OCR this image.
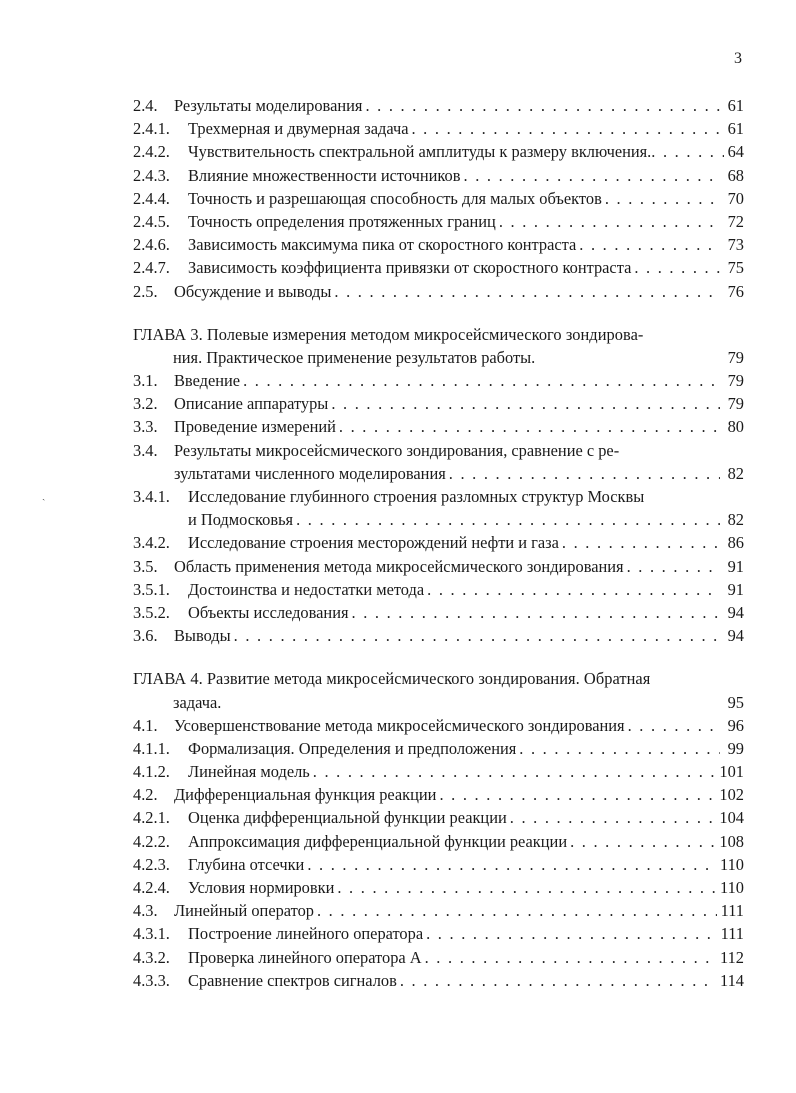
3
ˏ
2.4.	Результаты моделирования . . .	61
2.4.1.	Трехмерная и двумерная задача . . .	61
2.4.2.	Чувствительность спектральной амплитуды к размеру включения. . . .	64
2.4.3.	Влияние множественности источников . . .	68
2.4.4.	Точность и разрешающая способность для малых объектов . . .	70
2.4.5.	Точность определения протяженных границ . . .	72
2.4.6.	Зависимость максимума пика от скоростного контраста . . .	73
2.4.7.	Зависимость коэффициента привязки от скоростного контраста . . .	75
2.5.	Обсуждение и выводы . . .	76
ГЛАВА 3. Полевые измерения методом микросейсмического зондирова-
ния. Практическое применение результатов работы.	79
3.1.	Введение . . .	79
3.2.	Описание аппаратуры . . .	79
3.3.	Проведение измерений . . .	80
3.4.	Результаты микросейсмического зондирования, сравнение с ре-
зультатами численного моделирования . . .	82
3.4.1.	Исследование глубинного строения разломных структур Москвы
и Подмосковья . . .	82
3.4.2.	Исследование строения месторождений нефти и газа . . .	86
3.5.	Область применения метода микросейсмического зондирования . . .	91
3.5.1.	Достоинства и недостатки метода . . .	91
3.5.2.	Объекты исследования . . .	94
3.6.	Выводы . . .	94
ГЛАВА 4. Развитие метода микросейсмического зондирования. Обратная
задача.	95
4.1.	Усовершенствование метода микросейсмического зондирования . . .	96
4.1.1.	Формализация. Определения и предположения . . .	99
4.1.2.	Линейная модель . . .	101
4.2.	Дифференциальная функция реакции . . .	102
4.2.1.	Оценка дифференциальной функции реакции . . .	104
4.2.2.	Аппроксимация дифференциальной функции реакции . . .	108
4.2.3.	Глубина отсечки . . .	110
4.2.4.	Условия нормировки . . .	110
4.3.	Линейный оператор . . .	111
4.3.1.	Построение линейного оператора . . .	111
4.3.2.	Проверка линейного оператора A . . .	112
4.3.3.	Сравнение спектров сигналов . . .	114
